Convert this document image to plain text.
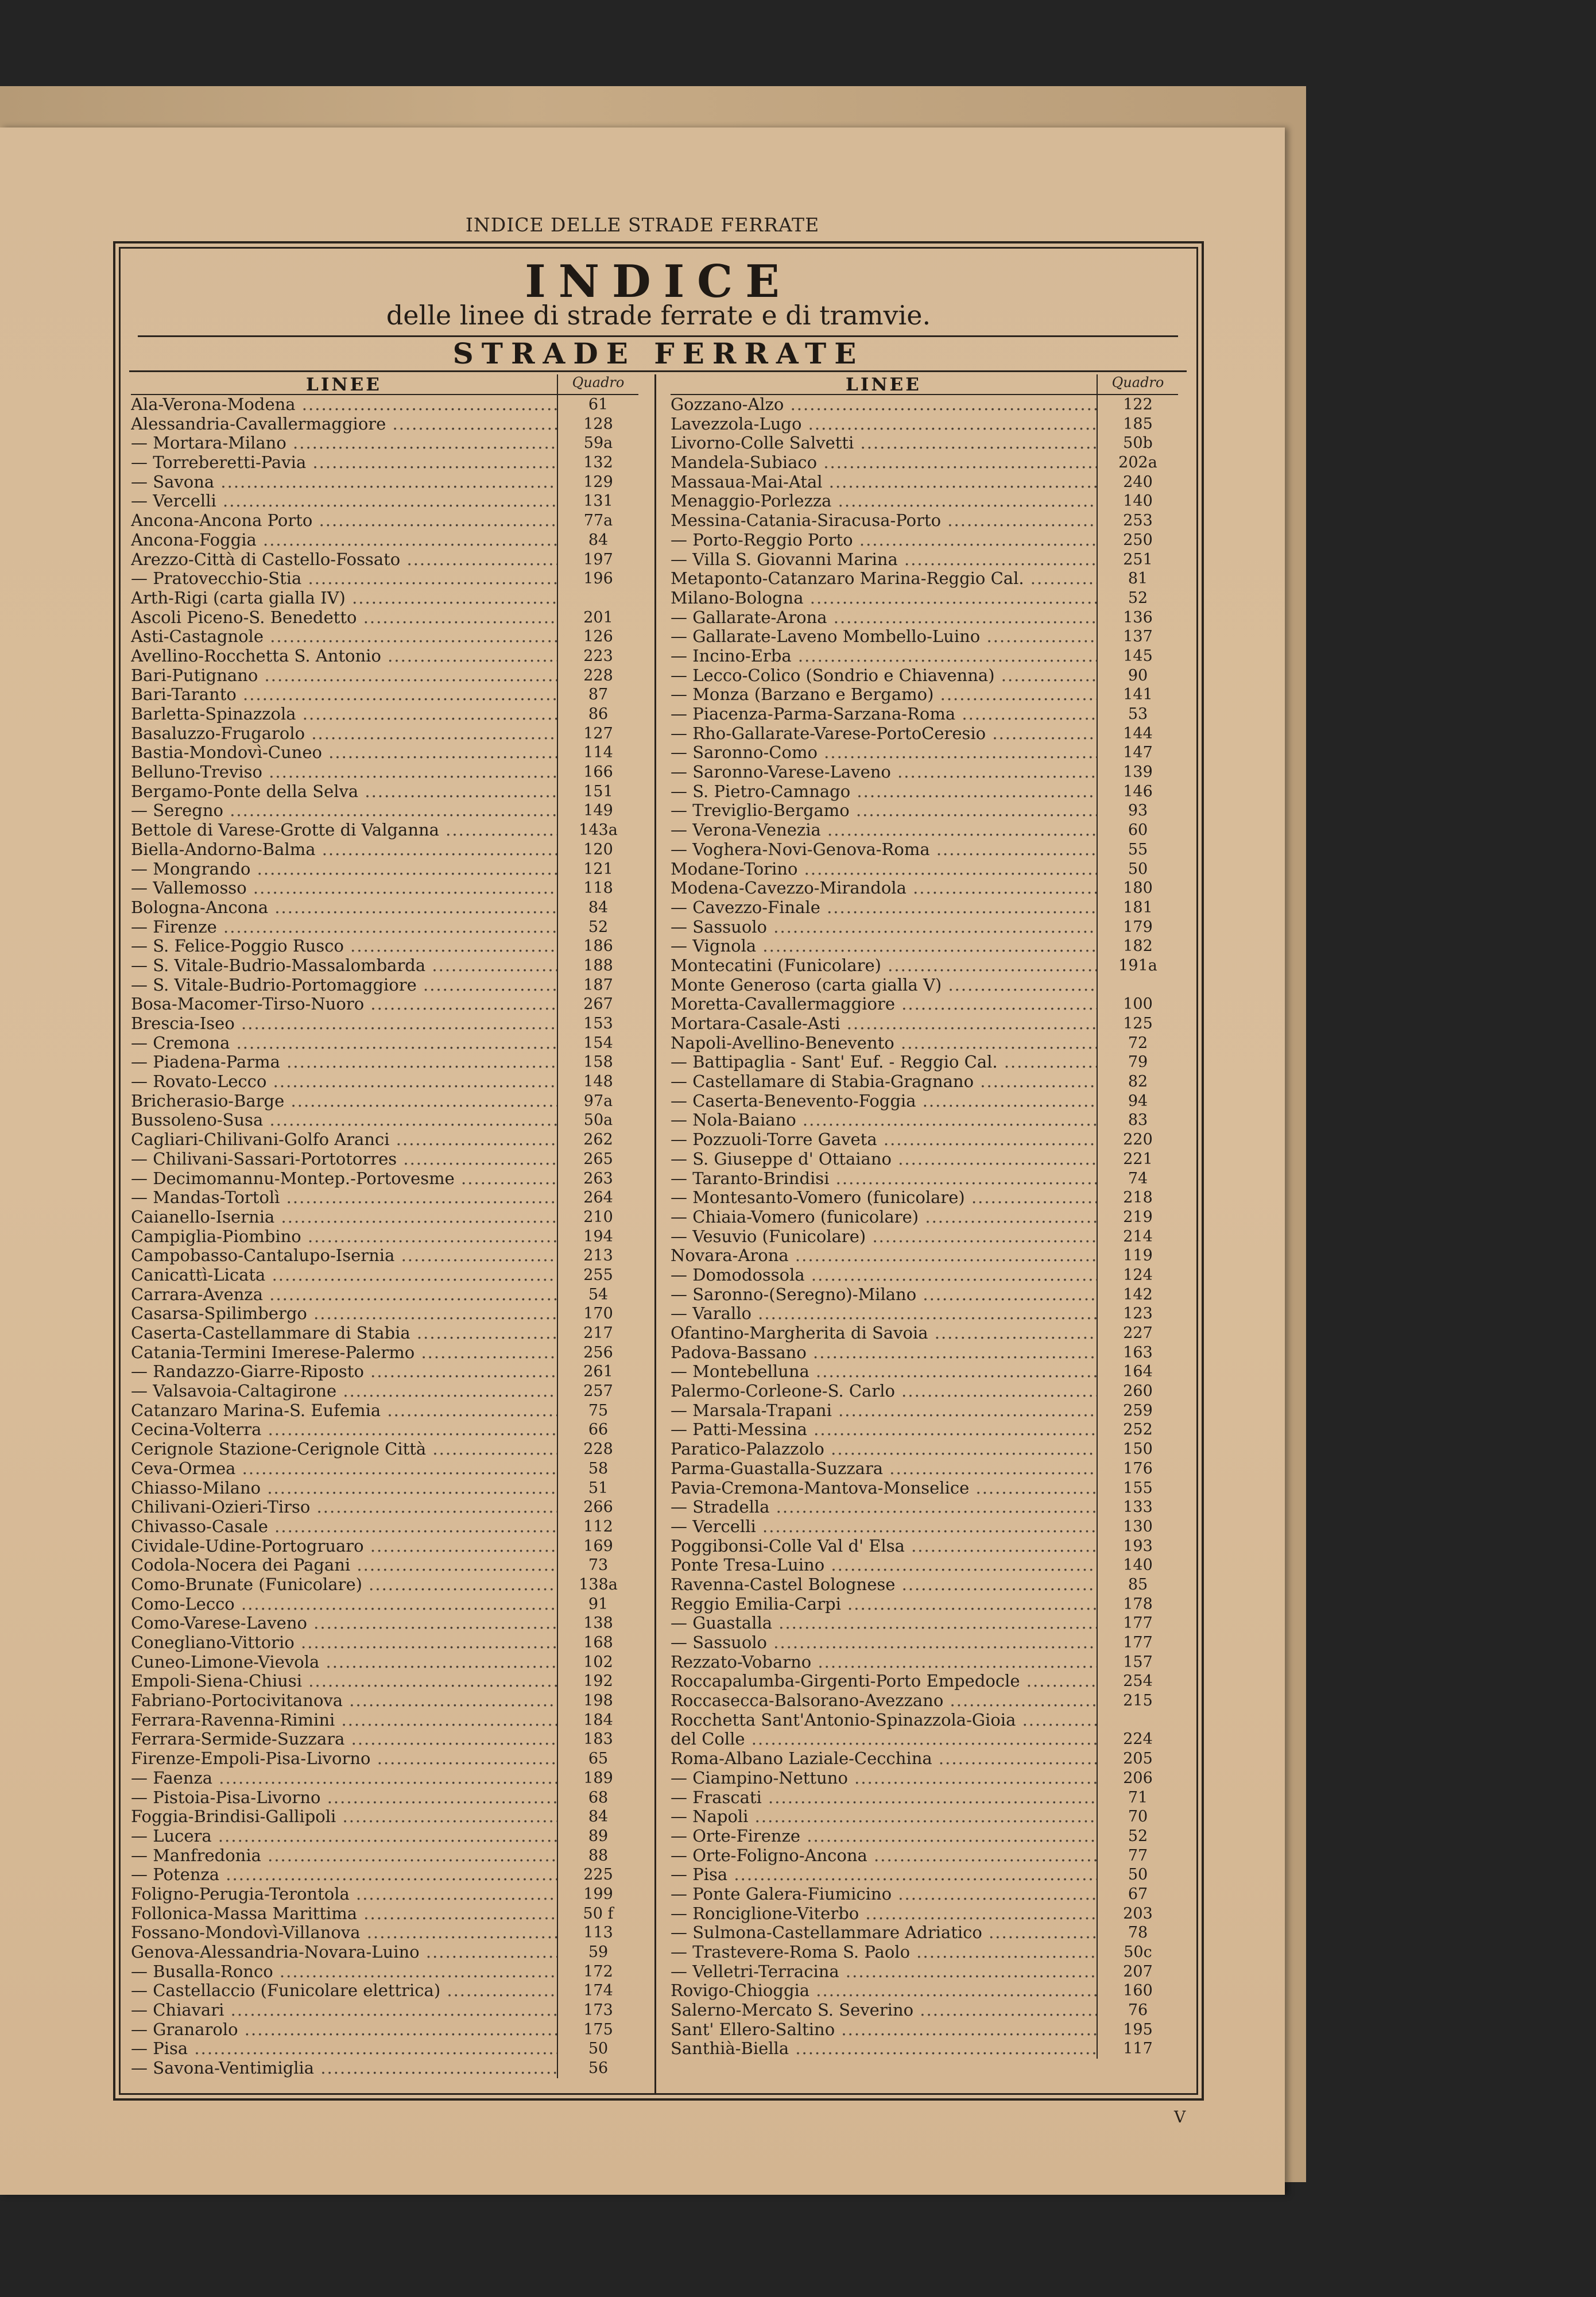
INDICE DELLE STRADE FERRATE
INDICE
delle linee di strade ferrate e di tramvie.
STRADE FERRATE
LINEE	Quadro
Ala-Verona-Modena .....	61
Alessandria-Cavallermaggiore .....	128
— Mortara-Milano .....	59a
— Torreberetti-Pavia .....	132
— Savona .....	129
— Vercelli .....	131
Ancona-Ancona Porto .....	77a
Ancona-Foggia .....	84
Arezzo-Città di Castello-Fossato .....	197
— Pratovecchio-Stia .....	196
Arth-Rigi (carta gialla IV) .....
Ascoli Piceno-S. Benedetto .....	201
Asti-Castagnole .....	126
Avellino-Rocchetta S. Antonio .....	223
Bari-Putignano .....	228
Bari-Taranto .....	87
Barletta-Spinazzola .....	86
Basaluzzo-Frugarolo .....	127
Bastia-Mondovì-Cuneo .....	114
Belluno-Treviso .....	166
Bergamo-Ponte della Selva .....	151
— Seregno .....	149
Bettole di Varese-Grotte di Valganna .....	143a
Biella-Andorno-Balma .....	120
— Mongrando .....	121
— Vallemosso .....	118
Bologna-Ancona .....	84
— Firenze .....	52
— S. Felice-Poggio Rusco .....	186
— S. Vitale-Budrio-Massalombarda .....	188
— S. Vitale-Budrio-Portomaggiore .....	187
Bosa-Macomer-Tirso-Nuoro .....	267
Brescia-Iseo .....	153
— Cremona .....	154
— Piadena-Parma .....	158
— Rovato-Lecco .....	148
Bricherasio-Barge .....	97a
Bussoleno-Susa .....	50a
Cagliari-Chilivani-Golfo Aranci .....	262
— Chilivani-Sassari-Portotorres .....	265
— Decimomannu-Montep.-Portovesme .....	263
— Mandas-Tortolì .....	264
Caianello-Isernia .....	210
Campiglia-Piombino .....	194
Campobasso-Cantalupo-Isernia .....	213
Canicattì-Licata .....	255
Carrara-Avenza .....	54
Casarsa-Spilimbergo .....	170
Caserta-Castellammare di Stabia .....	217
Catania-Termini Imerese-Palermo .....	256
— Randazzo-Giarre-Riposto .....	261
— Valsavoia-Caltagirone .....	257
Catanzaro Marina-S. Eufemia .....	75
Cecina-Volterra .....	66
Cerignole Stazione-Cerignole Città .....	228
Ceva-Ormea .....	58
Chiasso-Milano .....	51
Chilivani-Ozieri-Tirso .....	266
Chivasso-Casale .....	112
Cividale-Udine-Portogruaro .....	169
Codola-Nocera dei Pagani .....	73
Como-Brunate (Funicolare) .....	138a
Como-Lecco .....	91
Como-Varese-Laveno .....	138
Conegliano-Vittorio .....	168
Cuneo-Limone-Vievola .....	102
Empoli-Siena-Chiusi .....	192
Fabriano-Portocivitanova .....	198
Ferrara-Ravenna-Rimini .....	184
Ferrara-Sermide-Suzzara .....	183
Firenze-Empoli-Pisa-Livorno .....	65
— Faenza .....	189
— Pistoia-Pisa-Livorno .....	68
Foggia-Brindisi-Gallipoli .....	84
— Lucera .....	89
— Manfredonia .....	88
— Potenza .....	225
Foligno-Perugia-Terontola .....	199
Follonica-Massa Marittima .....	50 f
Fossano-Mondovì-Villanova .....	113
Genova-Alessandria-Novara-Luino .....	59
— Busalla-Ronco .....	172
— Castellaccio (Funicolare elettrica) .....	174
— Chiavari .....	173
— Granarolo .....	175
— Pisa .....	50
— Savona-Ventimiglia .....	56
LINEE	Quadro
Gozzano-Alzo .....	122
Lavezzola-Lugo .....	185
Livorno-Colle Salvetti .....	50b
Mandela-Subiaco .....	202a
Massaua-Mai-Atal .....	240
Menaggio-Porlezza .....	140
Messina-Catania-Siracusa-Porto .....	253
— Porto-Reggio Porto .....	250
— Villa S. Giovanni Marina .....	251
Metaponto-Catanzaro Marina-Reggio Cal. .....	81
Milano-Bologna .....	52
— Gallarate-Arona .....	136
— Gallarate-Laveno Mombello-Luino .....	137
— Incino-Erba .....	145
— Lecco-Colico (Sondrio e Chiavenna) .....	90
— Monza (Barzano e Bergamo) .....	141
— Piacenza-Parma-Sarzana-Roma .....	53
— Rho-Gallarate-Varese-PortoCeresio .....	144
— Saronno-Como .....	147
— Saronno-Varese-Laveno .....	139
— S. Pietro-Camnago .....	146
— Treviglio-Bergamo .....	93
— Verona-Venezia .....	60
— Voghera-Novi-Genova-Roma .....	55
Modane-Torino .....	50
Modena-Cavezzo-Mirandola .....	180
— Cavezzo-Finale .....	181
— Sassuolo .....	179
— Vignola .....	182
Montecatini (Funicolare) .....	191a
Monte Generoso (carta gialla V) .....
Moretta-Cavallermaggiore .....	100
Mortara-Casale-Asti .....	125
Napoli-Avellino-Benevento .....	72
— Battipaglia - Sant' Euf. - Reggio Cal. .....	79
— Castellamare di Stabia-Gragnano .....	82
— Caserta-Benevento-Foggia .....	94
— Nola-Baiano .....	83
— Pozzuoli-Torre Gaveta .....	220
— S. Giuseppe d' Ottaiano .....	221
— Taranto-Brindisi .....	74
— Montesanto-Vomero (funicolare) .....	218
— Chiaia-Vomero (funicolare) .....	219
— Vesuvio (Funicolare) .....	214
Novara-Arona .....	119
— Domodossola .....	124
— Saronno-(Seregno)-Milano .....	142
— Varallo .....	123
Ofantino-Margherita di Savoia .....	227
Padova-Bassano .....	163
— Montebelluna .....	164
Palermo-Corleone-S. Carlo .....	260
— Marsala-Trapani .....	259
— Patti-Messina .....	252
Paratico-Palazzolo .....	150
Parma-Guastalla-Suzzara .....	176
Pavia-Cremona-Mantova-Monselice .....	155
— Stradella .....	133
— Vercelli .....	130
Poggibonsi-Colle Val d' Elsa .....	193
Ponte Tresa-Luino .....	140
Ravenna-Castel Bolognese .....	85
Reggio Emilia-Carpi .....	178
— Guastalla .....	177
— Sassuolo .....	177
Rezzato-Vobarno .....	157
Roccapalumba-Girgenti-Porto Empedocle .....	254
Roccasecca-Balsorano-Avezzano .....	215
Rocchetta Sant'Antonio-Spinazzola-Gioia .....
del Colle .....	224
Roma-Albano Laziale-Cecchina .....	205
— Ciampino-Nettuno .....	206
— Frascati .....	71
— Napoli .....	70
— Orte-Firenze .....	52
— Orte-Foligno-Ancona .....	77
— Pisa .....	50
— Ponte Galera-Fiumicino .....	67
— Ronciglione-Viterbo .....	203
— Sulmona-Castellammare Adriatico .....	78
— Trastevere-Roma S. Paolo .....	50c
— Velletri-Terracina .....	207
Rovigo-Chioggia .....	160
Salerno-Mercato S. Severino .....	76
Sant' Ellero-Saltino .....	195
Santhià-Biella .....	117
V
